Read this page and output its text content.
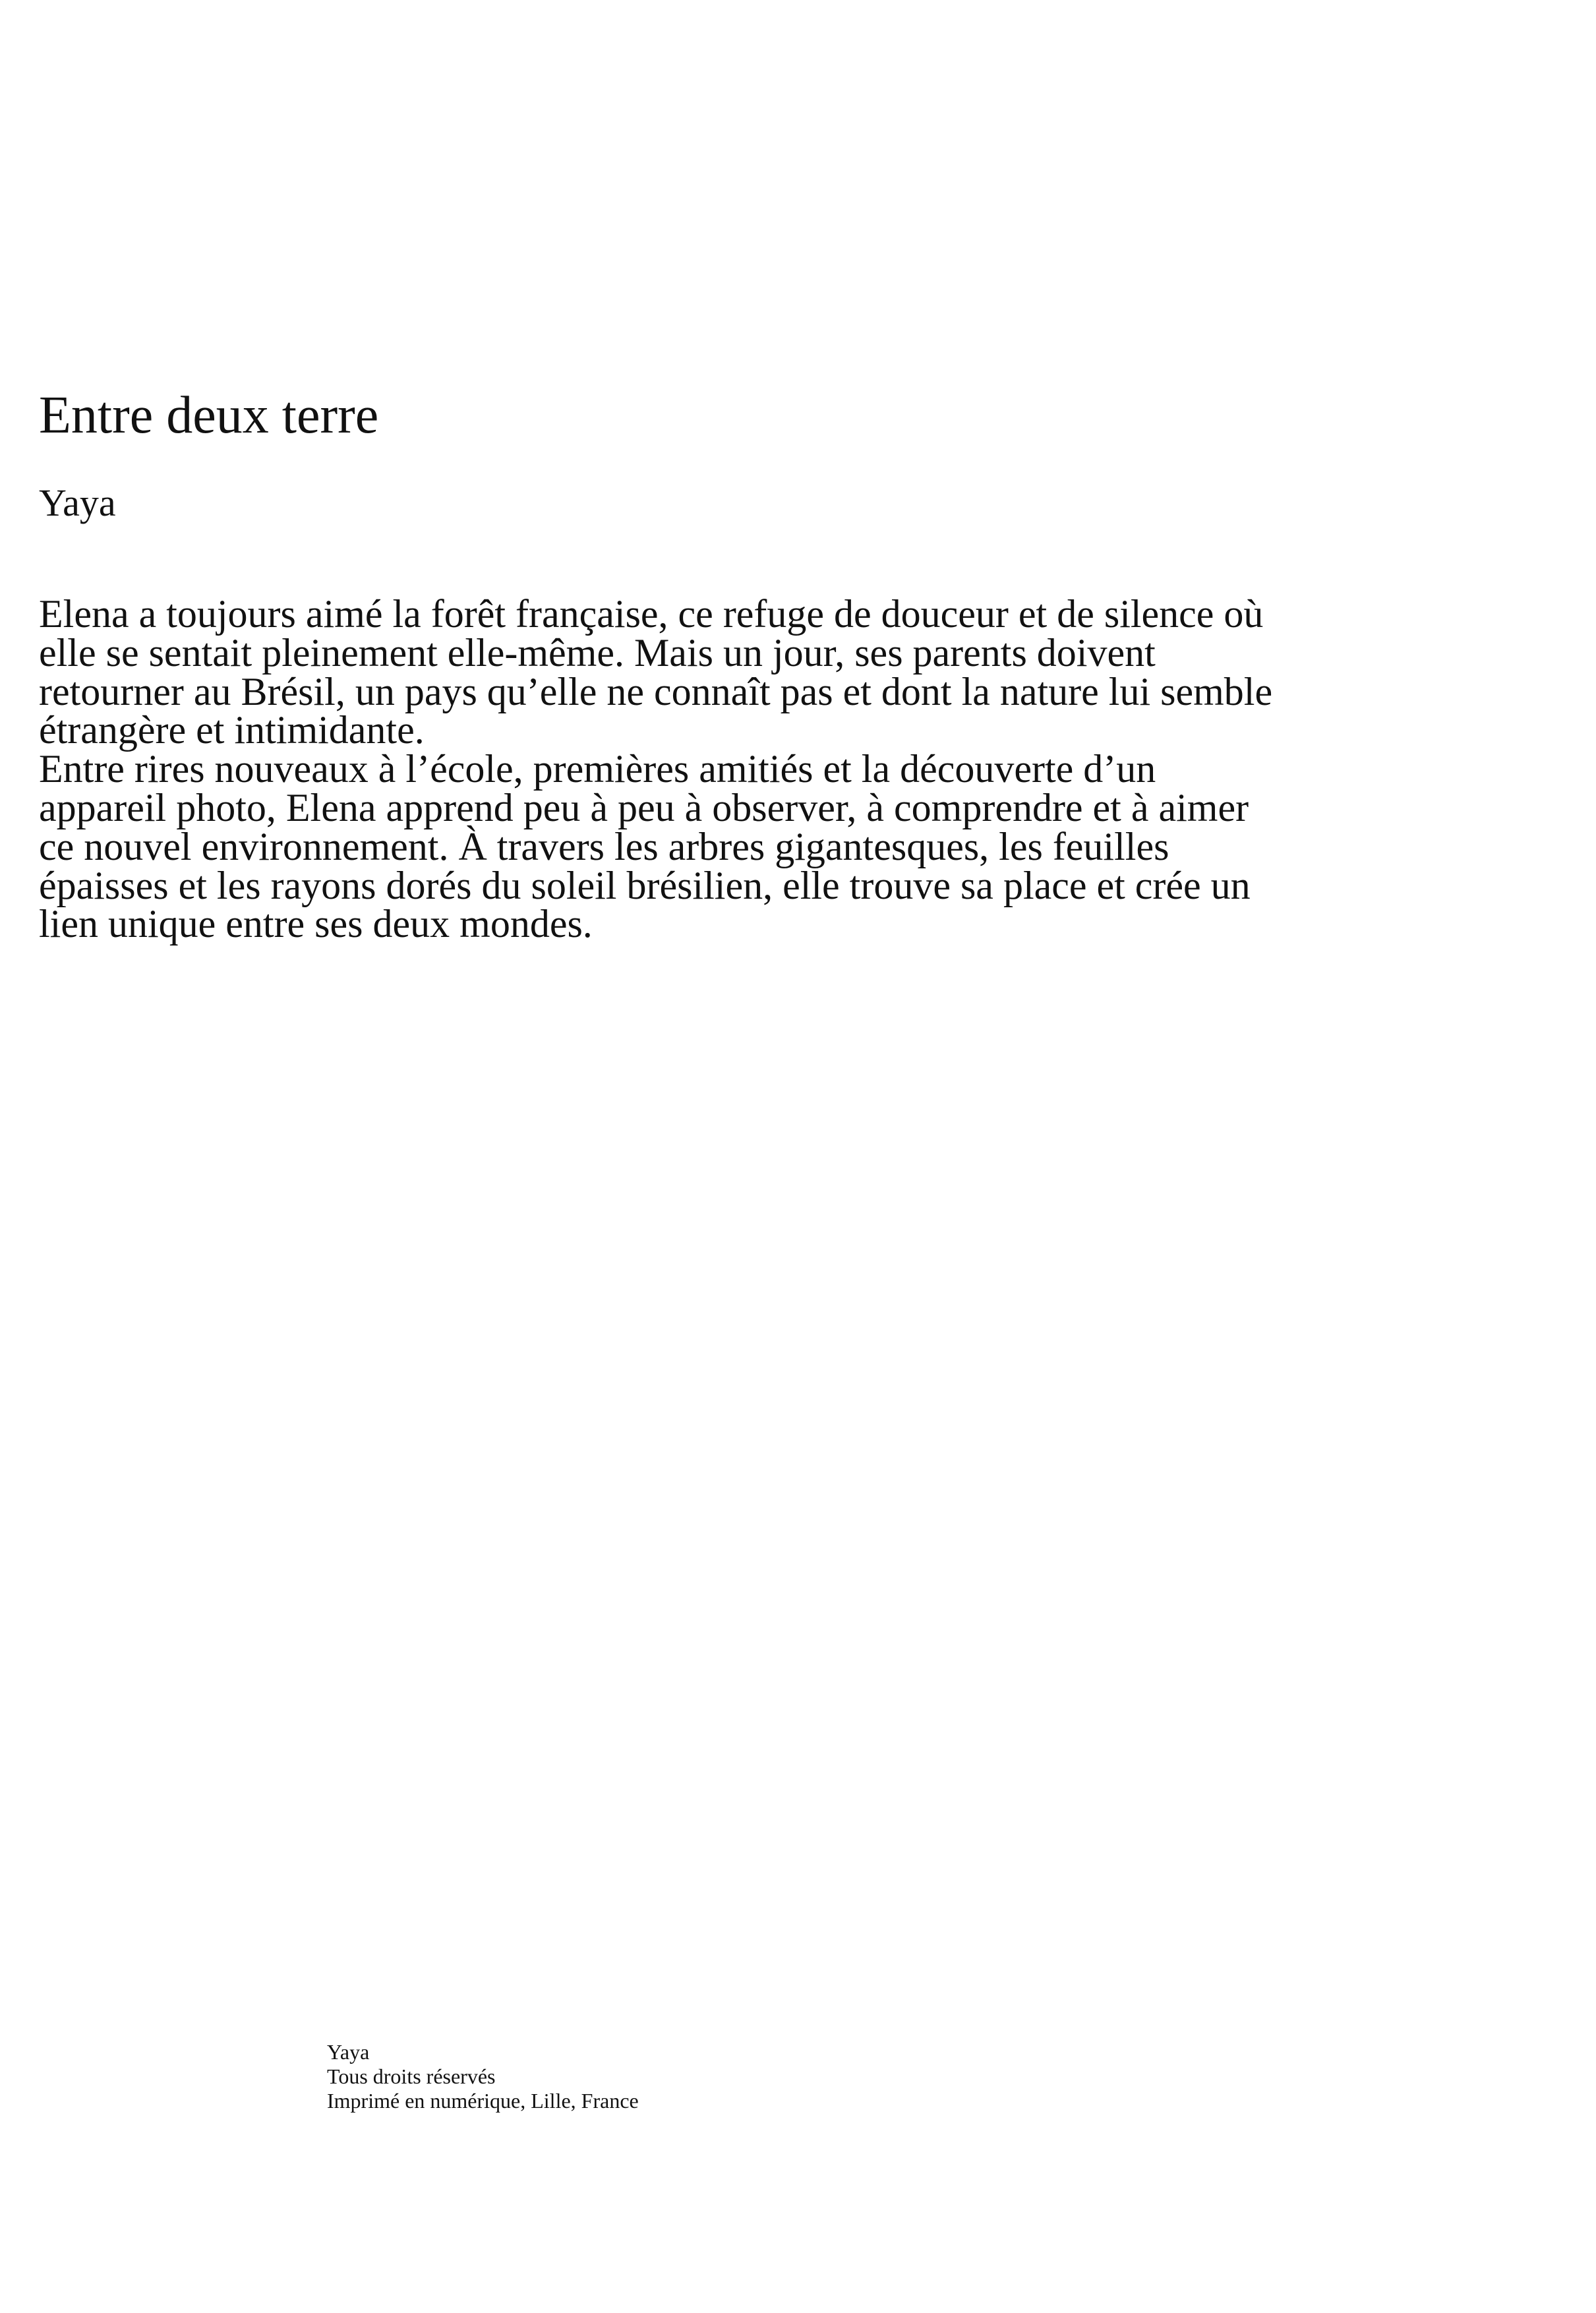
Entre deux terre
Yaya

Elena a toujours aimé la forêt française, ce refuge de douceur et de silence où elle se sentait pleinement elle-même. Mais un jour, ses parents doivent retourner au Brésil, un pays qu’elle ne connaît pas et dont la nature lui semble étrangère et intimidante.

Entre rires nouveaux à l’école, premières amitiés et la découverte d’un appareil photo, Elena apprend peu à peu à observer, à comprendre et à aimer ce nouvel environnement. À travers les arbres gigantesques, les feuilles épaisses et les rayons dorés du soleil brésilien, elle trouve sa place et crée un lien unique entre ses deux mondes.

Yaya
Tous droits réservés
Imprimé en numérique, Lille, France
